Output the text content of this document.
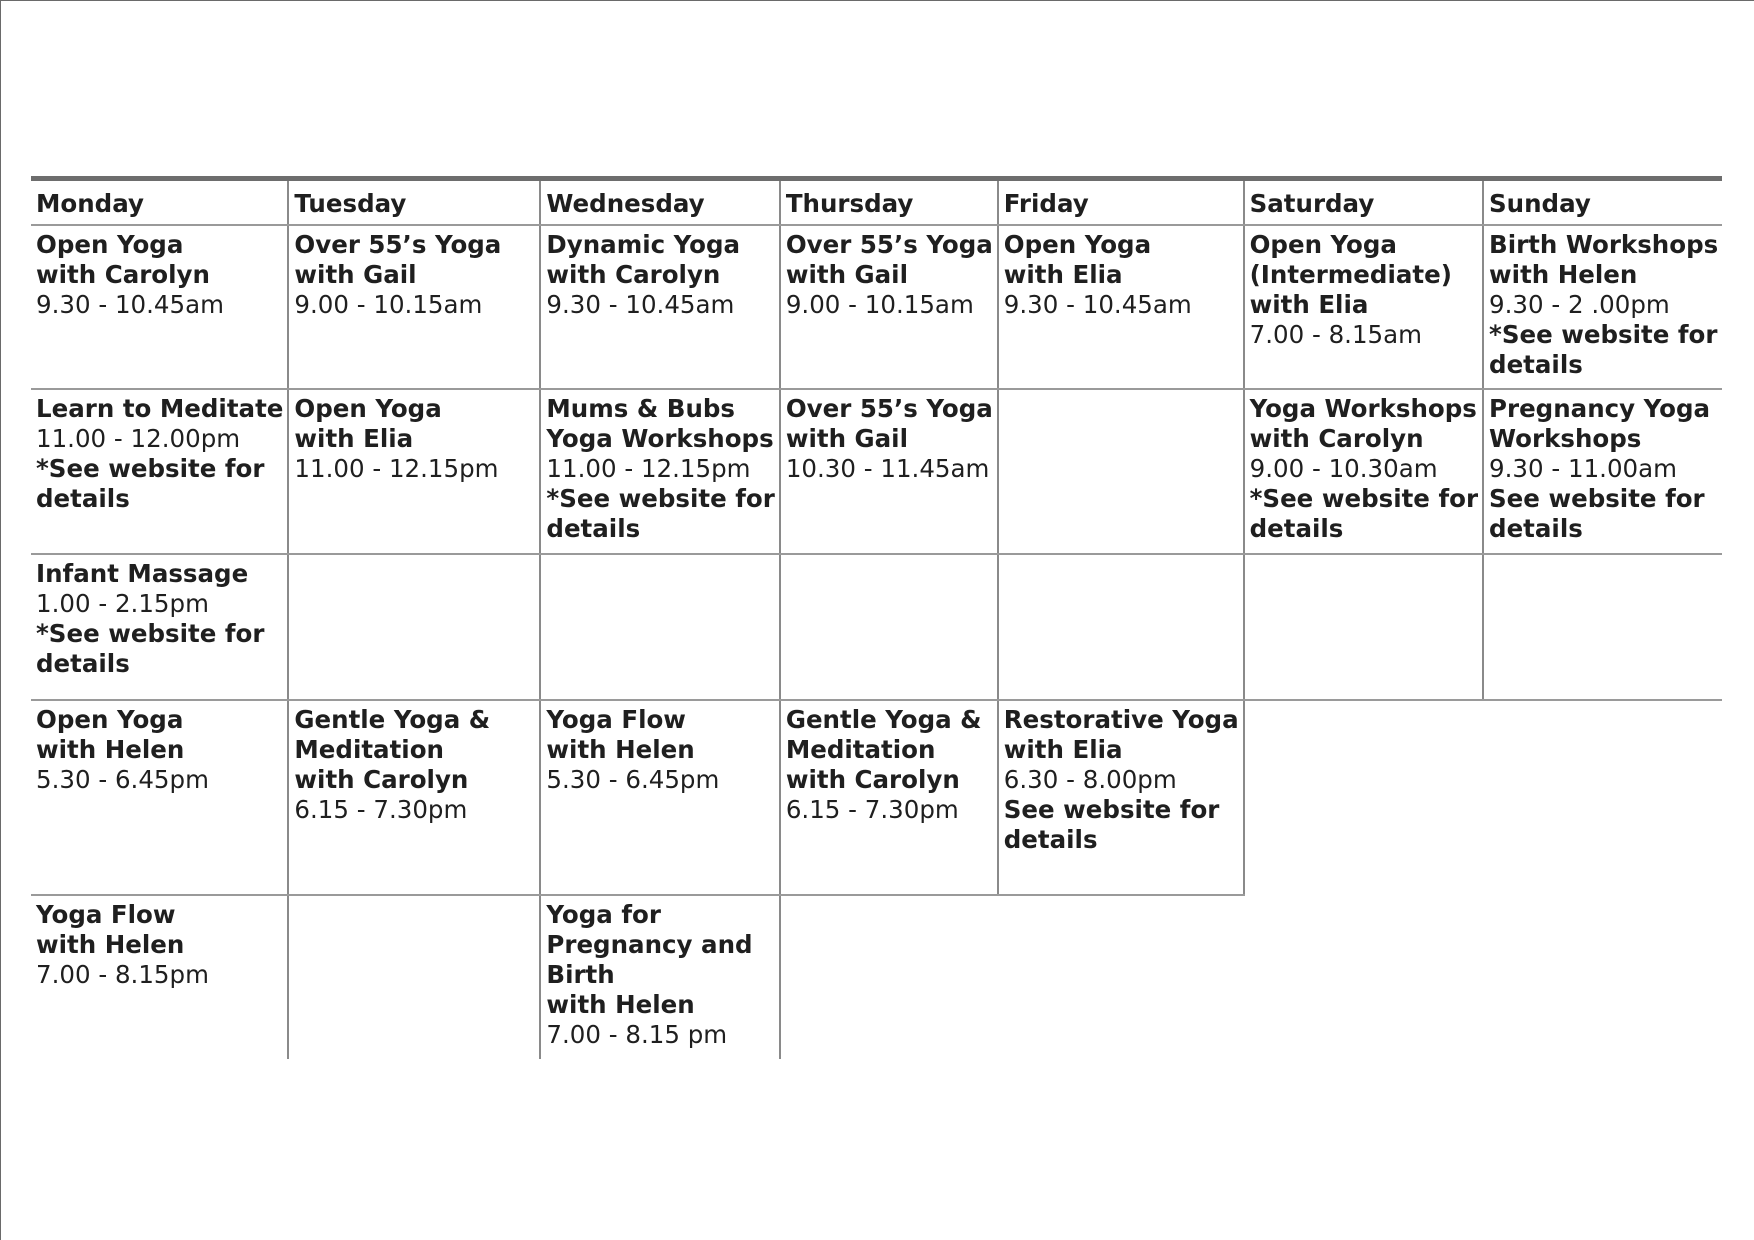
Monday	Tuesday	Wednesday	Thursday	Friday	Saturday	Sunday

Open Yoga
with Carolyn
9.30 - 10.45am	Over 55’s Yoga
with Gail
9.00 - 10.15am	Dynamic Yoga
with Carolyn
9.30 - 10.45am	Over 55’s Yoga
with Gail
9.00 - 10.15am	Open Yoga
with Elia
9.30 - 10.45am	Open Yoga
(Intermediate)
with Elia
7.00 - 8.15am	Birth Workshops
with Helen
9.30 - 2 .00pm
*See website for
details

Learn to Meditate
11.00 - 12.00pm
*See website for
details	Open Yoga
with Elia
11.00 - 12.15pm	Mums & Bubs
Yoga Workshops
11.00 - 12.15pm
*See website for
details	Over 55’s Yoga
with Gail
10.30 - 11.45am		Yoga Workshops
with Carolyn
9.00 - 10.30am
*See website for
details	Pregnancy Yoga
Workshops
9.30 - 11.00am
See website for
details

Infant Massage
1.00 - 2.15pm
*See website for
details						

Open Yoga
with Helen
5.30 - 6.45pm	Gentle Yoga &
Meditation
with Carolyn
6.15 - 7.30pm	Yoga Flow
with Helen
5.30 - 6.45pm	Gentle Yoga &
Meditation
with Carolyn
6.15 - 7.30pm	Restorative Yoga
with Elia
6.30 - 8.00pm
See website for
details		

Yoga Flow
with Helen
7.00 - 8.15pm		Yoga for
Pregnancy and
Birth
with Helen
7.00 - 8.15 pm				
